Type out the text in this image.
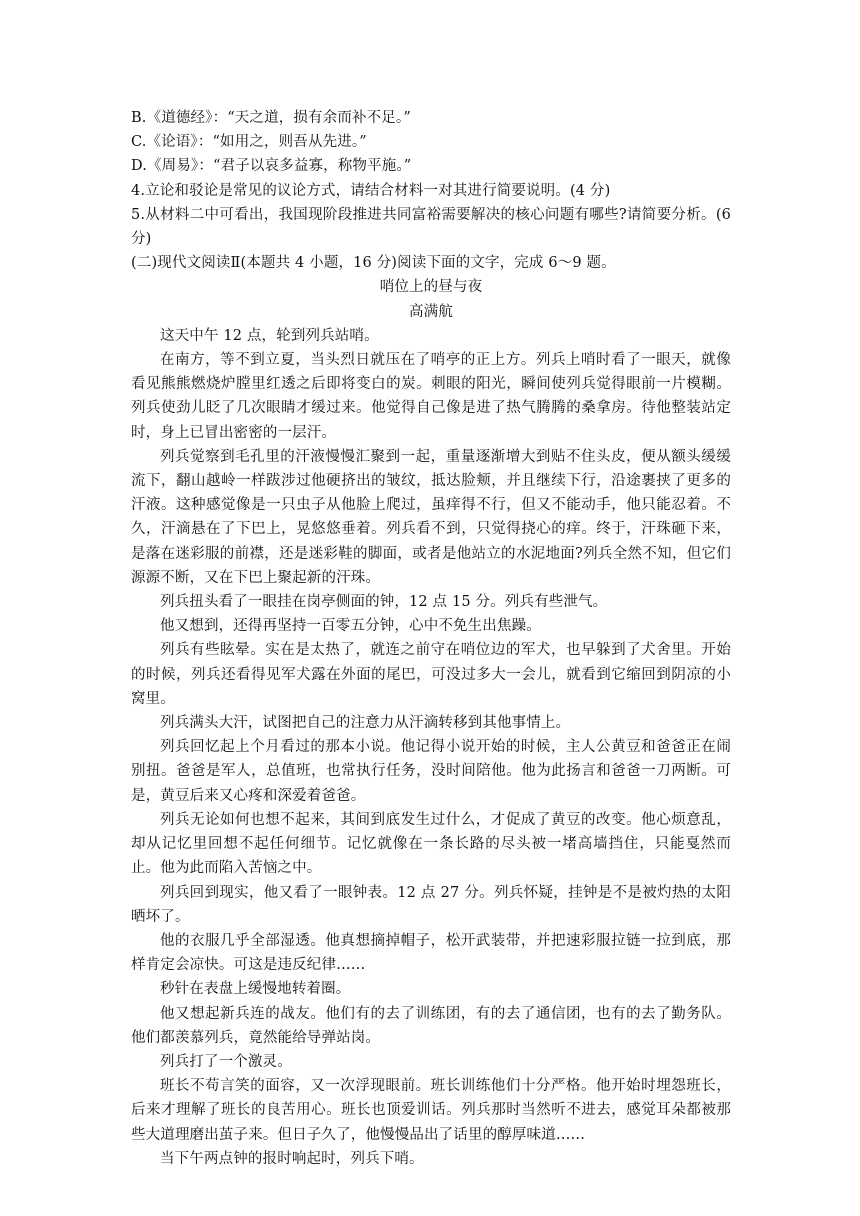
B.《道德经》：“天之道，损有余而补不足。”

C.《论语》：“如用之，则吾从先进。”

D.《周易》：“君子以哀多益寡，称物平施。”

4.立论和驳论是常见的议论方式，请结合材料一对其进行简要说明。(4 分)

5.从材料二中可看出，我国现阶段推进共同富裕需要解决的核心问题有哪些?请简要分析。(6分)

(二)现代文阅读Ⅱ(本题共 4 小题，16 分)阅读下面的文字，完成 6～9 题。

哨位上的昼与夜

高满航

这天中午 12 点，轮到列兵站哨。

在南方，等不到立夏，当头烈日就压在了哨亭的正上方。列兵上哨时看了一眼天，就像看见熊熊燃烧炉膛里红透之后即将变白的炭。刺眼的阳光，瞬间使列兵觉得眼前一片模糊。列兵使劲儿眨了几次眼睛才缓过来。他觉得自己像是进了热气腾腾的桑拿房。待他整装站定时，身上已冒出密密的一层汗。

列兵觉察到毛孔里的汗液慢慢汇聚到一起，重量逐渐增大到贴不住头皮，便从额头缓缓流下，翻山越岭一样跋涉过他硬挤出的皱纹，抵达脸颊，并且继续下行，沿途裹挟了更多的汗液。这种感觉像是一只虫子从他脸上爬过，虽痒得不行，但又不能动手，他只能忍着。不久，汗滴悬在了下巴上，晃悠悠垂着。列兵看不到，只觉得挠心的痒。终于，汗珠砸下来，是落在迷彩服的前襟，还是迷彩鞋的脚面，或者是他站立的水泥地面?列兵全然不知，但它们源源不断，又在下巴上聚起新的汗珠。

列兵扭头看了一眼挂在岗亭侧面的钟，12 点 15 分。列兵有些泄气。

他又想到，还得再坚持一百零五分钟，心中不免生出焦躁。

列兵有些眩晕。实在是太热了，就连之前守在哨位边的军犬，也早躲到了犬舍里。开始的时候，列兵还看得见军犬露在外面的尾巴，可没过多大一会儿，就看到它缩回到阴凉的小窝里。

列兵满头大汗，试图把自己的注意力从汗滴转移到其他事情上。

列兵回忆起上个月看过的那本小说。他记得小说开始的时候，主人公黄豆和爸爸正在闹别扭。爸爸是军人，总值班，也常执行任务，没时间陪他。他为此扬言和爸爸一刀两断。可是，黄豆后来又心疼和深爱着爸爸。

列兵无论如何也想不起来，其间到底发生过什么，才促成了黄豆的改变。他心烦意乱，却从记忆里回想不起任何细节。记忆就像在一条长路的尽头被一堵高墙挡住，只能戛然而止。他为此而陷入苦恼之中。

列兵回到现实，他又看了一眼钟表。12 点 27 分。列兵怀疑，挂钟是不是被灼热的太阳晒坏了。

他的衣服几乎全部湿透。他真想摘掉帽子，松开武装带，并把速彩服拉链一拉到底，那样肯定会凉快。可这是违反纪律……

秒针在表盘上缓慢地转着圈。

他又想起新兵连的战友。他们有的去了训练团，有的去了通信团，也有的去了勤务队。他们都羡慕列兵，竟然能给导弹站岗。

列兵打了一个激灵。

班长不苟言笑的面容，又一次浮现眼前。班长训练他们十分严格。他开始时埋怨班长，后来才理解了班长的良苦用心。班长也顶爱训话。列兵那时当然听不进去，感觉耳朵都被那些大道理磨出茧子来。但日子久了，他慢慢品出了话里的醇厚味道……

当下午两点钟的报时响起时，列兵下哨。
